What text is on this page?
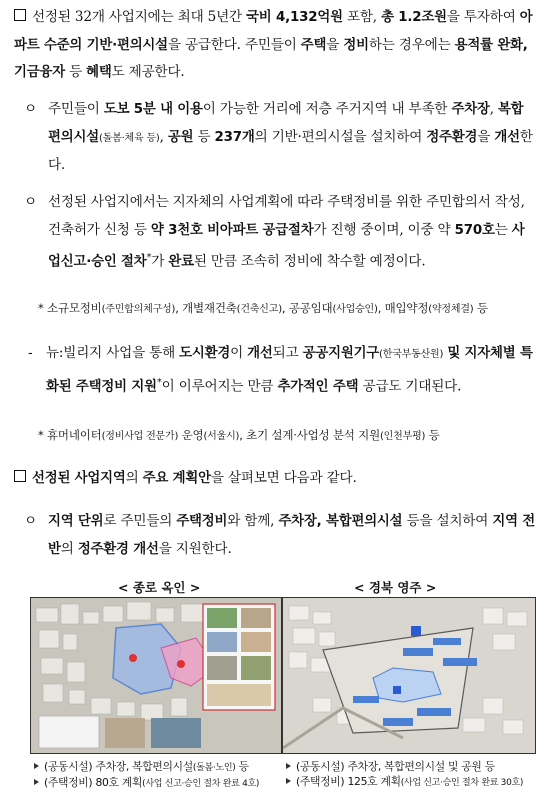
선정된 32개 사업지에는 최대 5년간 국비 4,132억원 포함, 총 1.2조원을 투자하여 아파트 수준의 기반·편의시설을 공급한다. 주민들이 주택을 정비하는 경우에는 용적률 완화, 기금융자 등 혜택도 제공한다.
ㅇ 주민들이 도보 5분 내 이용이 가능한 거리에 저층 주거지역 내 부족한 주차장, 복합편의시설(돌봄·체육 등), 공원 등 237개의 기반·편의시설을 설치하여 정주환경을 개선한다.
ㅇ 선정된 사업지에서는 지자체의 사업계획에 따라 주택정비를 위한 주민합의서 작성, 건축허가 신청 등 약 3천호 비아파트 공급절차가 진행 중이며, 이중 약 570호는 사업신고·승인 절차*가 완료된 만큼 조속히 정비에 착수할 예정이다.
* 소규모정비(주민합의체구성), 개별재건축(건축신고), 공공임대(사업승인), 매입약정(약정체결) 등
- 뉴:빌리지 사업을 통해 도시환경이 개선되고 공공지원기구(한국부동산원) 및 지자체별 특화된 주택정비 지원*이 이루어지는 만큼 추가적인 주택 공급도 기대된다.
* 휴머네이터(정비사업 전문가) 운영(서울시), 초기 설계·사업성 분석 지원(인천부평) 등
선정된 사업지역의 주요 계획안을 살펴보면 다음과 같다.
ㅇ 지역 단위로 주민들의 주택정비와 함께, 주차장, 복합편의시설 등을 설치하여 지역 전반의 정주환경 개선을 지원한다.
< 종로 옥인 >	< 경북 영주 >
(공동시설) 주차장, 복합편의시설(돌봄·노인) 등
(주택정비) 80호 계획(사업 신고·승인 절차 완료 4호)
(공동시설) 주차장, 복합편의시설 및 공원 등
(주택정비) 125호 계획(사업 신고·승인 절차 완료 30호)
